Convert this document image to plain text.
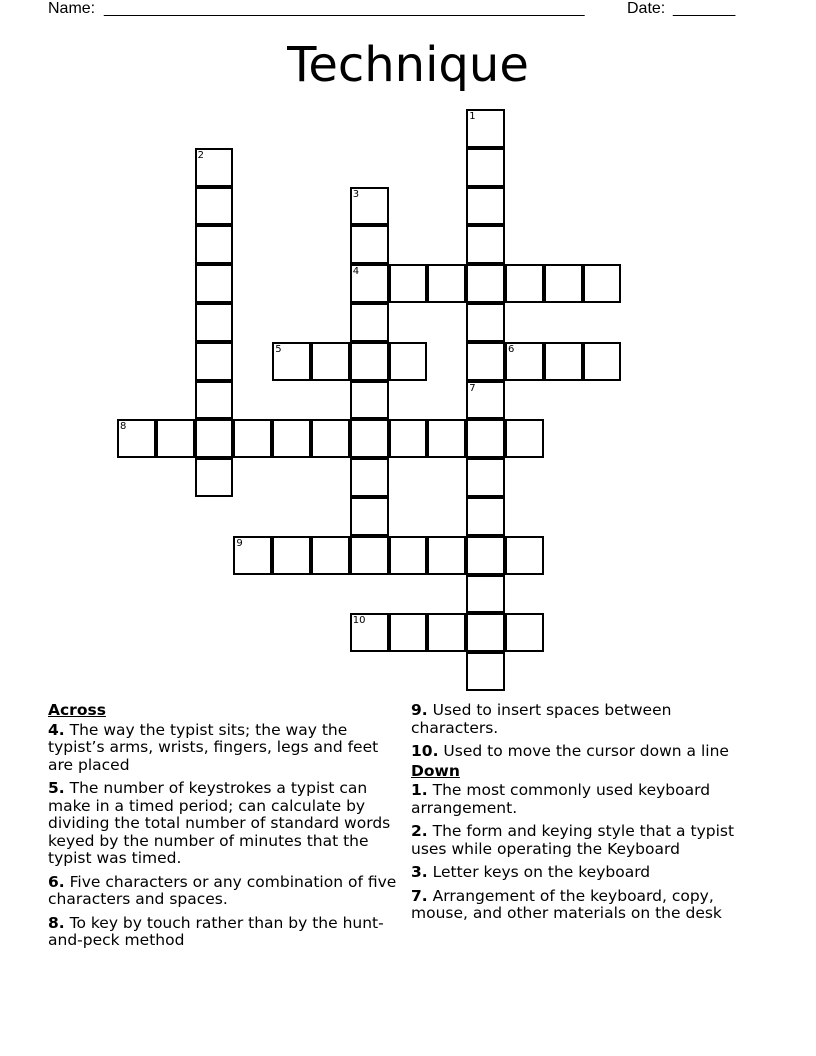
Name: ______________________________________________________	Date: _______
Technique
1
7
2
3
4
5	6
8
9
10
Across
4. The way the typist sits; the way the typist’s arms, wrists, fingers, legs and feet are placed
5. The number of keystrokes a typist can make in a timed period; can calculate by dividing the total number of standard words keyed by the number of minutes that the typist was timed.
6. Five characters or any combination of five characters and spaces.
8. To key by touch rather than by the hunt-and-peck method
9. Used to insert spaces between characters.
10. Used to move the cursor down a line
Down
1. The most commonly used keyboard arrangement.
2. The form and keying style that a typist uses while operating the Keyboard
3. Letter keys on the keyboard
7. Arrangement of the keyboard, copy, mouse, and other materials on the desk
